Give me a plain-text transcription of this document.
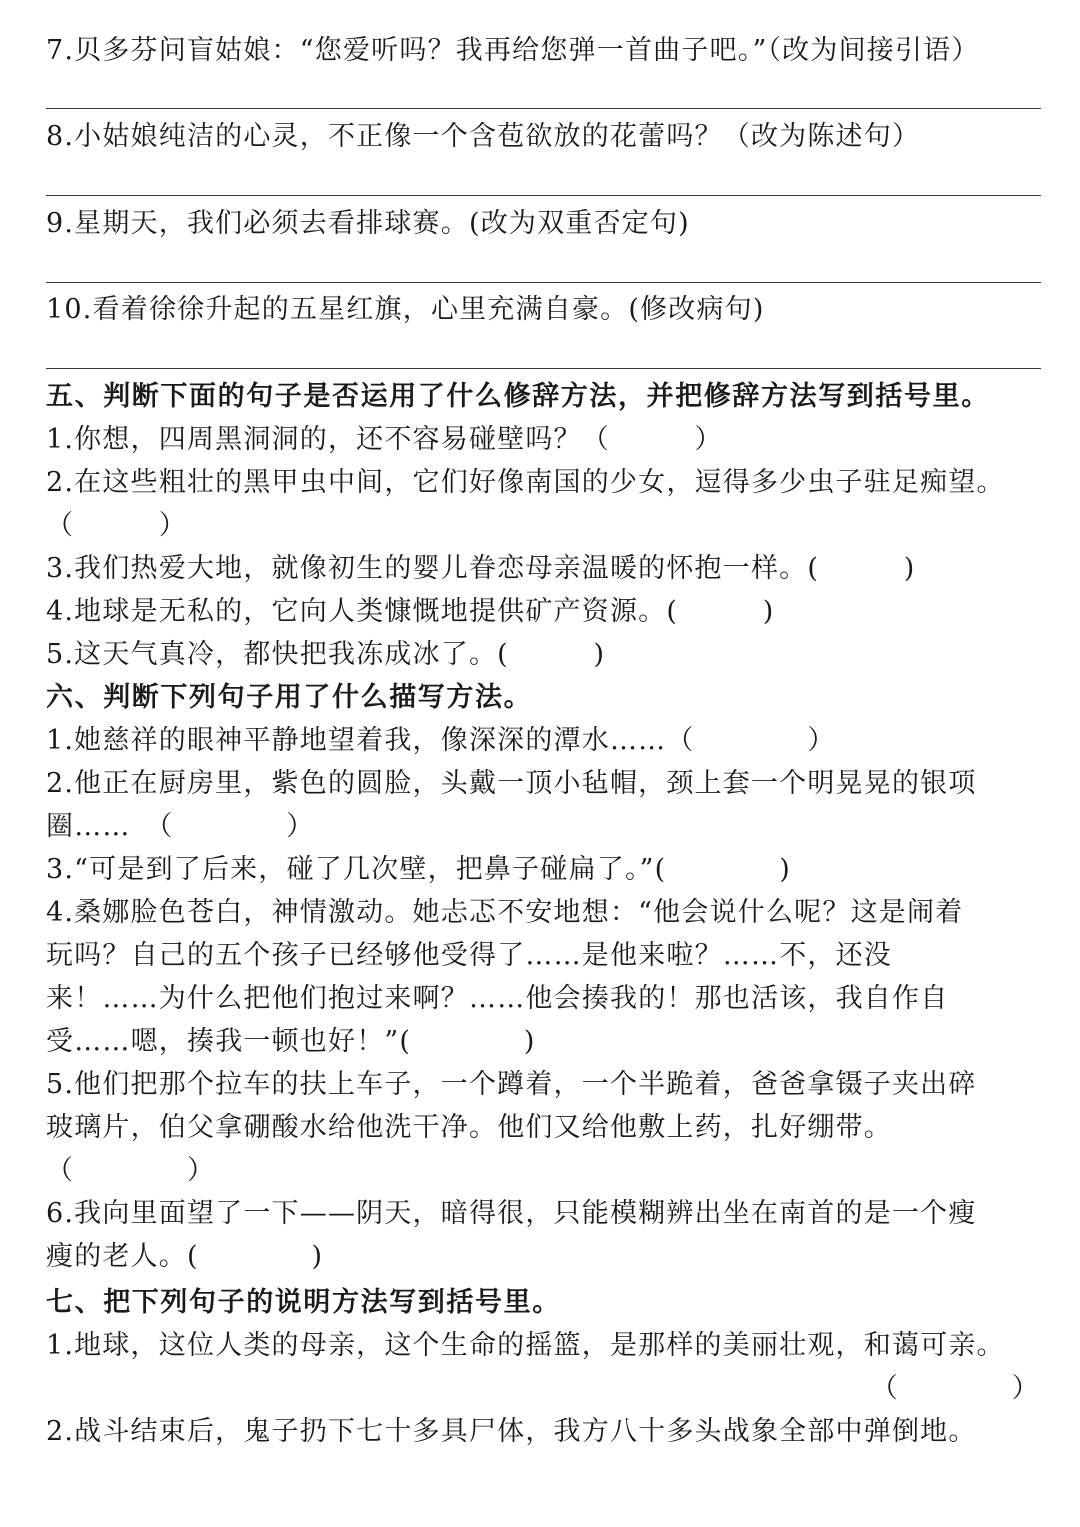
7.贝多芬问盲姑娘：“您爱听吗？我再给您弹一首曲子吧。”（改为间接引语）
8.小姑娘纯洁的心灵，不正像一个含苞欲放的花蕾吗？（改为陈述句）
9.星期天，我们必须去看排球赛。(改为双重否定句)
10.看着徐徐升起的五星红旗，心里充满自豪。(修改病句)
五、判断下面的句子是否运用了什么修辞方法，并把修辞方法写到括号里。
1.你想，四周黑洞洞的，还不容易碰壁吗？（　　　）
2.在这些粗壮的黑甲虫中间，它们好像南国的少女，逗得多少虫子驻足痴望。
（　　　）
3.我们热爱大地，就像初生的婴儿眷恋母亲温暖的怀抱一样。(　　　)
4.地球是无私的，它向人类慷慨地提供矿产资源。(　　　)
5.这天气真冷，都快把我冻成冰了。(　　　)
六、判断下列句子用了什么描写方法。
1.她慈祥的眼神平静地望着我，像深深的潭水……（　　　　）
2.他正在厨房里，紫色的圆脸，头戴一顶小毡帽，颈上套一个明晃晃的银项
圈……　（　　　　）
3.“可是到了后来，碰了几次壁，把鼻子碰扁了。”(　　　　)
4.桑娜脸色苍白，神情激动。她忐忑不安地想：“他会说什么呢？这是闹着
玩吗？自己的五个孩子已经够他受得了……是他来啦？……不，还没
来！……为什么把他们抱过来啊？……他会揍我的！那也活该，我自作自
受……嗯，揍我一顿也好！”(　　　　)
5.他们把那个拉车的扶上车子，一个蹲着，一个半跪着，爸爸拿镊子夹出碎
玻璃片，伯父拿硼酸水给他洗干净。他们又给他敷上药，扎好绷带。
（　　　　）
6.我向里面望了一下——阴天，暗得很，只能模糊辨出坐在南首的是一个瘦
瘦的老人。(　　　　)
七、把下列句子的说明方法写到括号里。
1.地球，这位人类的母亲，这个生命的摇篮，是那样的美丽壮观，和蔼可亲。
（　　　　）
2.战斗结束后，鬼子扔下七十多具尸体，我方八十多头战象全部中弹倒地。
